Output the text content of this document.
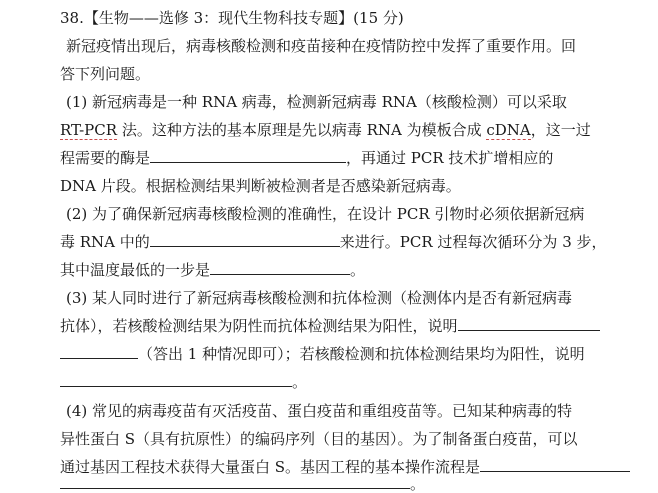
38.【生物——选修 3：现代生物科技专题】(15 分)
新冠疫情出现后，病毒核酸检测和疫苗接种在疫情防控中发挥了重要作用。回
答下列问题。
(1) 新冠病毒是一种 RNA 病毒，检测新冠病毒 RNA（核酸检测）可以采取
RT-PCR 法。这种方法的基本原理是先以病毒 RNA 为模板合成 cDNA，这一过
程需要的酶是	，再通过 PCR 技术扩增相应的
DNA 片段。根据检测结果判断被检测者是否感染新冠病毒。
(2) 为了确保新冠病毒核酸检测的准确性，在设计 PCR 引物时必须依据新冠病
毒 RNA 中的	来进行。PCR 过程每次循环分为 3 步，
其中温度最低的一步是	。
(3) 某人同时进行了新冠病毒核酸检测和抗体检测（检测体内是否有新冠病毒
抗体），若核酸检测结果为阴性而抗体检测结果为阳性，说明
（答出 1 种情况即可）；若核酸检测和抗体检测结果均为阳性，说明
。
(4) 常见的病毒疫苗有灭活疫苗、蛋白疫苗和重组疫苗等。已知某种病毒的特
异性蛋白 S（具有抗原性）的编码序列（目的基因）。为了制备蛋白疫苗，可以
通过基因工程技术获得大量蛋白 S。基因工程的基本操作流程是
。
